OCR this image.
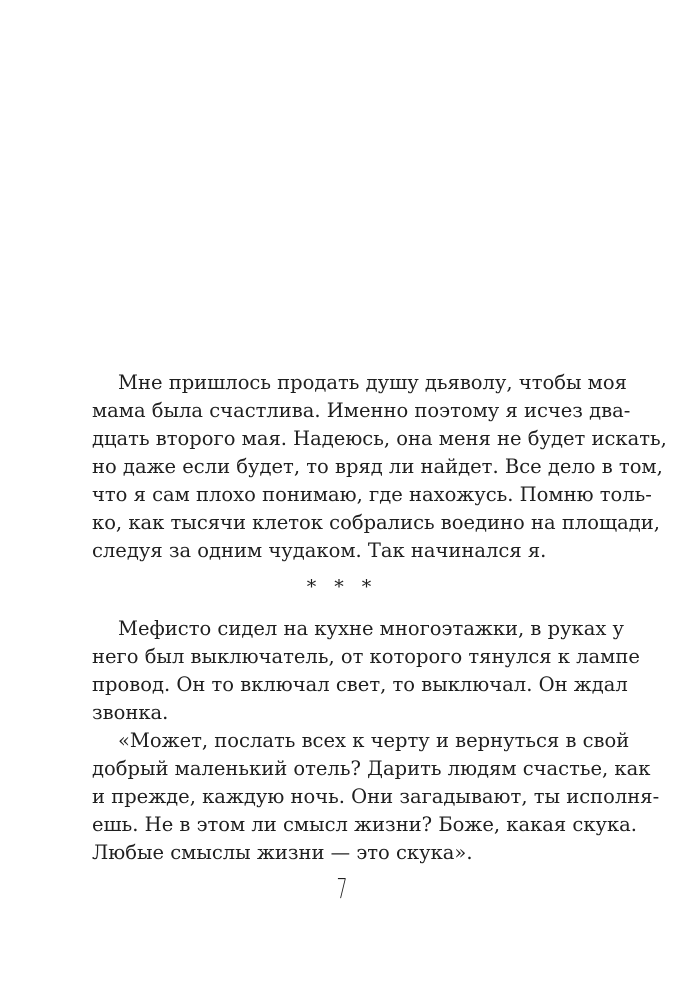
Мне пришлось продать душу дьяволу, чтобы моя
мама была счастлива. Именно поэтому я исчез два-
дцать второго мая. Надеюсь, она меня не будет искать,
но даже если будет, то вряд ли найдет. Все дело в том,
что я сам плохо понимаю, где нахожусь. Помню толь-
ко, как тысячи клеток собрались воедино на площади,
следуя за одним чудаком. Так начинался я.
* * *
Мефисто сидел на кухне многоэтажки, в руках у
него был выключатель, от которого тянулся к лампе
провод. Он то включал свет, то выключал. Он ждал
звонка.
«Может, послать всех к черту и вернуться в свой
добрый маленький отель? Дарить людям счастье, как
и прежде, каждую ночь. Они загадывают, ты исполня-
ешь. Не в этом ли смысл жизни? Боже, какая скука.
Любые смыслы жизни — это скука».
7
